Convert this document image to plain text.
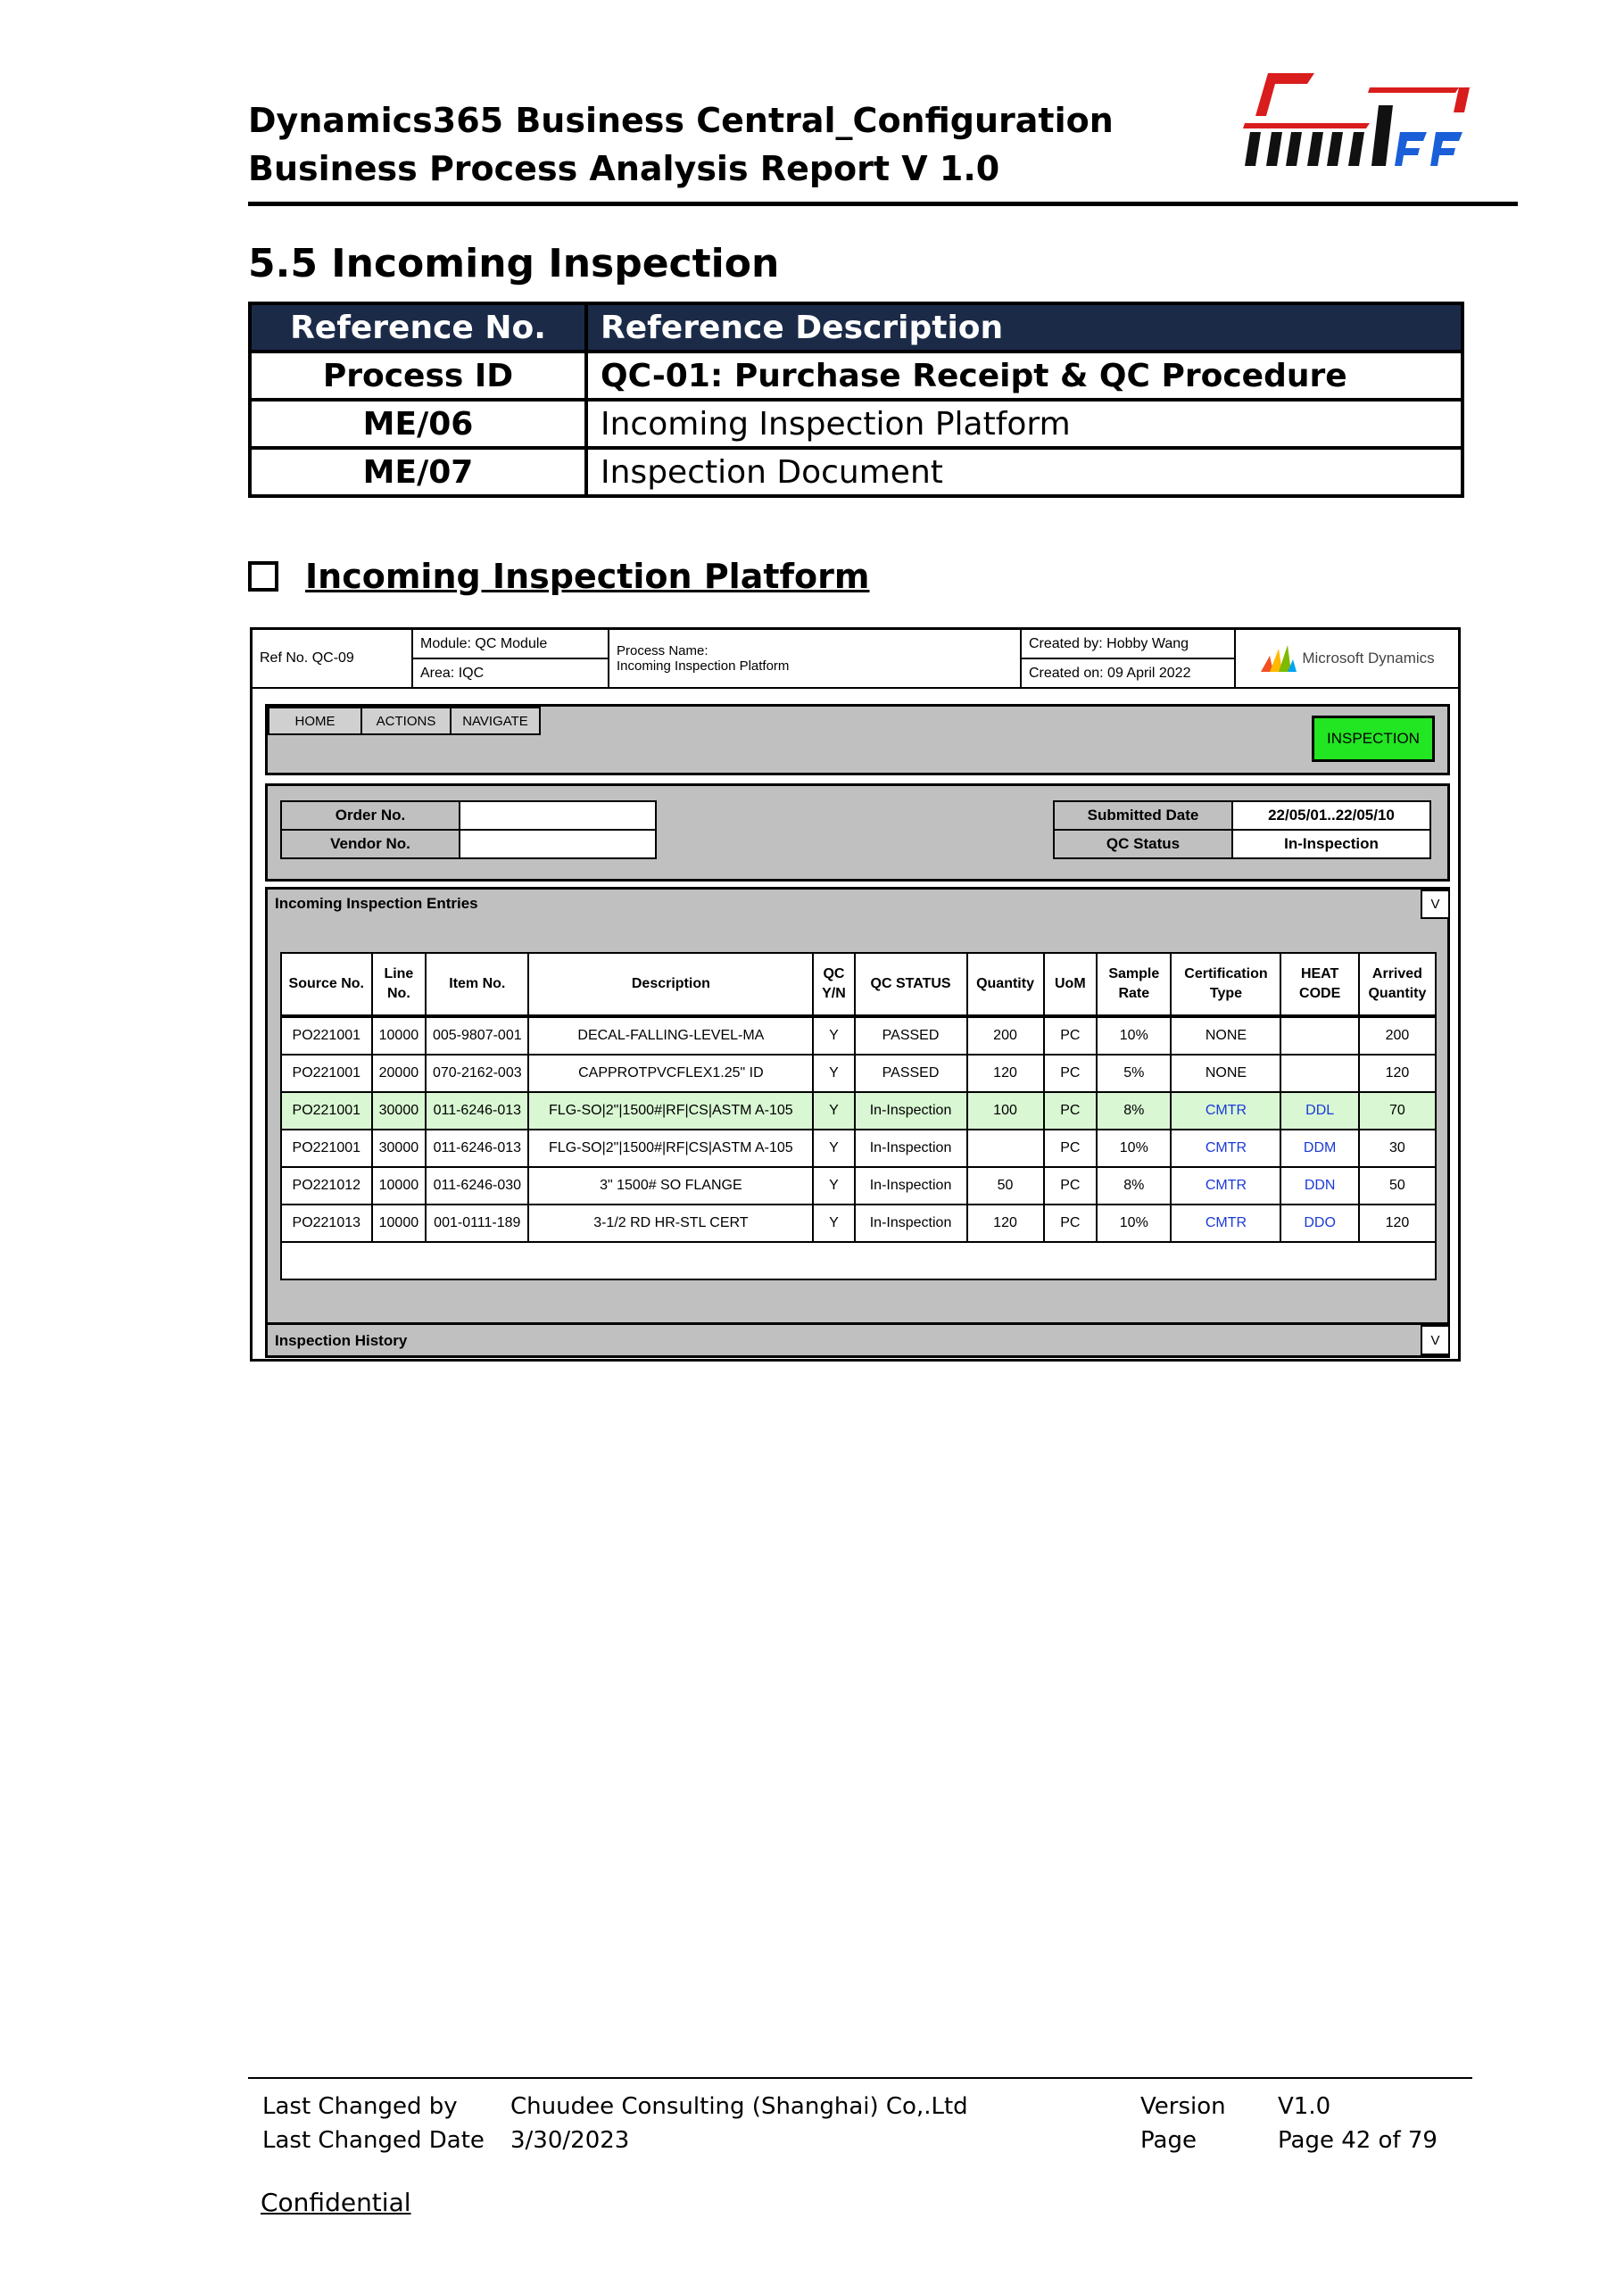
Dynamics365 Business Central_Configuration
Business Process Analysis Report V 1.0
5.5 Incoming Inspection
Reference No.	Reference Description
Process ID	QC-01: Purchase Receipt & QC Procedure
ME/06	Incoming Inspection Platform
ME/07	Inspection Document
Incoming Inspection Platform
Ref No. QC-09
Module: QC Module
Area: IQC
Process Name:
Incoming Inspection Platform
Created by: Hobby Wang
Created on: 09 April 2022
Microsoft Dynamics
HOME	ACTIONS	NAVIGATE
INSPECTION
Order No.
Vendor No.
Submitted Date	22/05/01..22/05/10
QC Status	In-Inspection
Incoming Inspection Entries	V
Source No.	Line No.	Item No.	Description	QC Y/N	QC STATUS	Quantity	UoM	Sample Rate	Certification Type	HEAT CODE	Arrived Quantity
PO221001	10000	005-9807-001	DECAL-FALLING-LEVEL-MA	Y	PASSED	200	PC	10%	NONE		200
PO221001	20000	070-2162-003	CAPPROTPVCFLEX1.25" ID	Y	PASSED	120	PC	5%	NONE		120
PO221001	30000	011-6246-013	FLG-SO|2"|1500#|RF|CS|ASTM A-105	Y	In-Inspection	100	PC	8%	CMTR	DDL	70
PO221001	30000	011-6246-013	FLG-SO|2"|1500#|RF|CS|ASTM A-105	Y	In-Inspection		PC	10%	CMTR	DDM	30
PO221012	10000	011-6246-030	3" 1500# SO FLANGE	Y	In-Inspection	50	PC	8%	CMTR	DDN	50
PO221013	10000	001-0111-189	3-1/2 RD HR-STL CERT	Y	In-Inspection	120	PC	10%	CMTR	DDO	120

Inspection History	V
Last Changed by Chuudee Consulting (Shanghai) Co,.Ltd	Version V1.0
Last Changed Date 3/30/2023	Page	Page 42 of 79
Confidential
